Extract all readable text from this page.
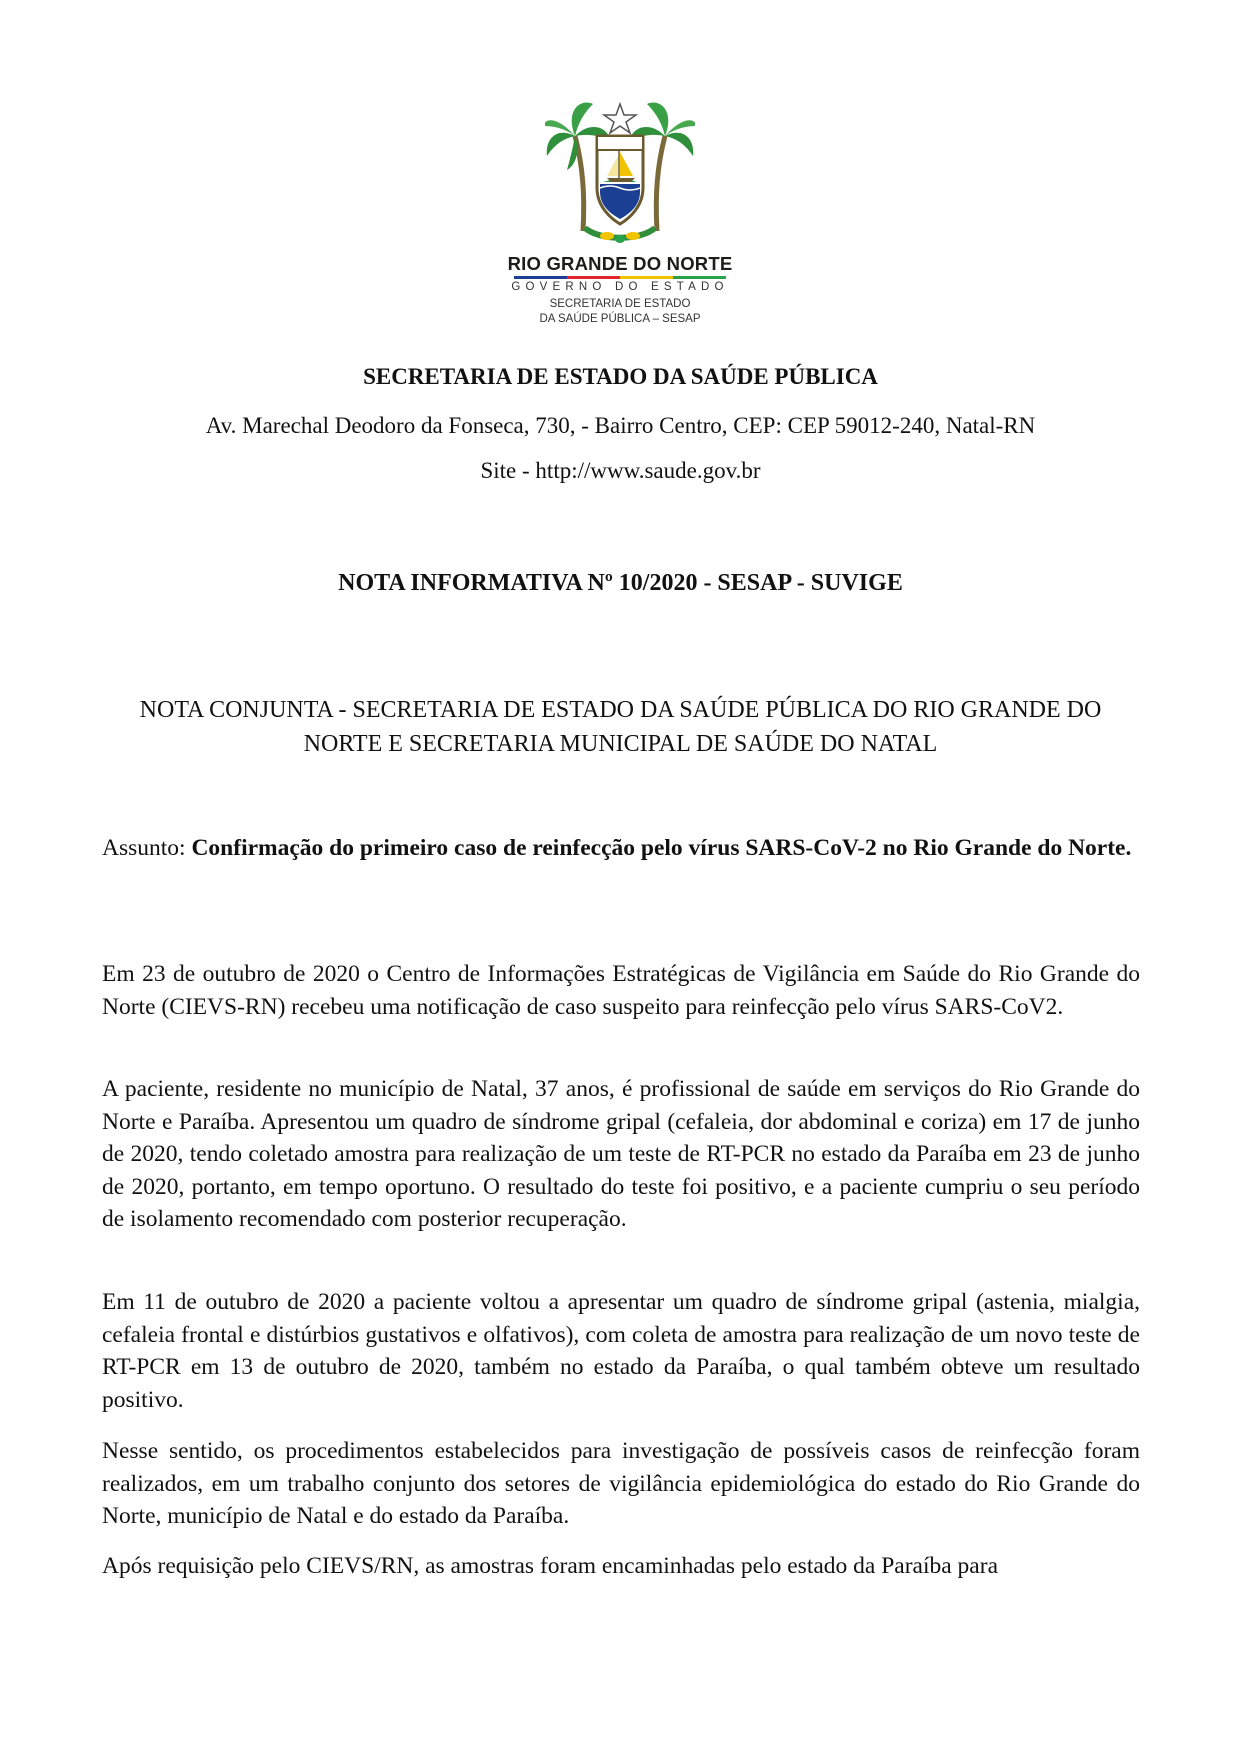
RIO GRANDE DO NORTE
GOVERNO DO ESTADO
SECRETARIA DE ESTADO
DA SAÚDE PÚBLICA – SESAP
SECRETARIA DE ESTADO DA SAÚDE PÚBLICA
Av. Marechal Deodoro da Fonseca, 730, - Bairro Centro, CEP: CEP 59012-240, Natal-RN
Site - http://www.saude.gov.br
NOTA INFORMATIVA Nº 10/2020 - SESAP - SUVIGE
NOTA CONJUNTA - SECRETARIA DE ESTADO DA SAÚDE PÚBLICA DO RIO GRANDE DO NORTE E SECRETARIA MUNICIPAL DE SAÚDE DO NATAL
Assunto: Confirmação do primeiro caso de reinfecção pelo vírus SARS-CoV-2 no Rio Grande do Norte.
Em 23 de outubro de 2020 o Centro de Informações Estratégicas de Vigilância em Saúde do Rio Grande do Norte (CIEVS-RN) recebeu uma notificação de caso suspeito para reinfecção pelo vírus SARS-CoV2.
A paciente, residente no município de Natal, 37 anos, é profissional de saúde em serviços do Rio Grande do Norte e Paraíba. Apresentou um quadro de síndrome gripal (cefaleia, dor abdominal e coriza) em 17 de junho de 2020, tendo coletado amostra para realização de um teste de RT-PCR no estado da Paraíba em 23 de junho de 2020, portanto, em tempo oportuno. O resultado do teste foi positivo, e a paciente cumpriu o seu período de isolamento recomendado com posterior recuperação.
Em 11 de outubro de 2020 a paciente voltou a apresentar um quadro de síndrome gripal (astenia, mialgia, cefaleia frontal e distúrbios gustativos e olfativos), com coleta de amostra para realização de um novo teste de RT-PCR em 13 de outubro de 2020, também no estado da Paraíba, o qual também obteve um resultado positivo.
Nesse sentido, os procedimentos estabelecidos para investigação de possíveis casos de reinfecção foram realizados, em um trabalho conjunto dos setores de vigilância epidemiológica do estado do Rio Grande do Norte, município de Natal e do estado da Paraíba.
Após requisição pelo CIEVS/RN, as amostras foram encaminhadas pelo estado da Paraíba para
